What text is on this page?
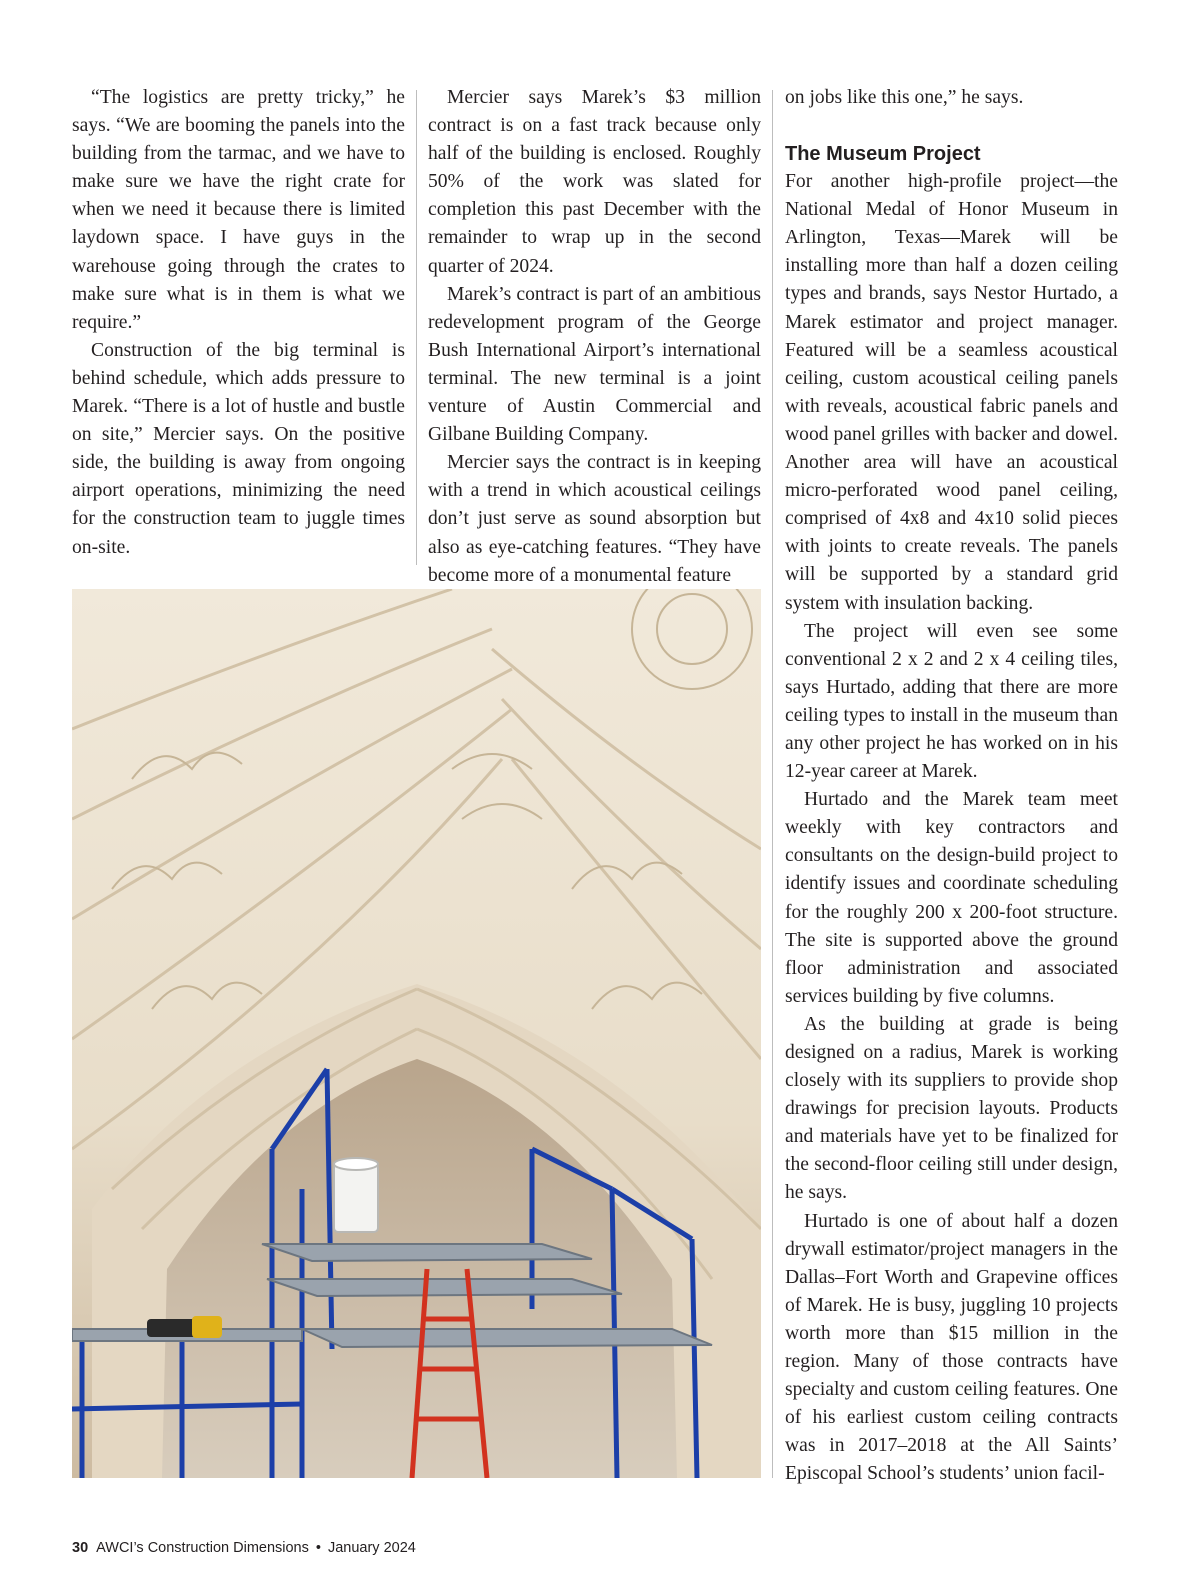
“The logistics are pretty tricky,” he says. “We are booming the panels into the building from the tarmac, and we have to make sure we have the right crate for when we need it because there is limited laydown space. I have guys in the warehouse going through the crates to make sure what is in them is what we require.”

Construction of the big terminal is behind schedule, which adds pressure to Marek. “There is a lot of hustle and bustle on site,” Mercier says. On the positive side, the building is away from ongoing airport operations, minimizing the need for the construction team to juggle times on-site.

Mercier says Marek’s $3 million contract is on a fast track because only half of the building is enclosed. Roughly 50% of the work was slated for completion this past December with the remainder to wrap up in the second quarter of 2024.

Marek’s contract is part of an ambitious redevelopment program of the George Bush International Airport’s international terminal. The new terminal is a joint venture of Austin Commercial and Gilbane Building Company.

Mercier says the contract is in keeping with a trend in which acoustical ceilings don’t just serve as sound absorption but also as eye-catching features. “They have become more of a monumental feature

on jobs like this one,” he says.

The Museum Project

For another high-profile project—the National Medal of Honor Museum in Arlington, Texas—Marek will be installing more than half a dozen ceiling types and brands, says Nestor Hurtado, a Marek estimator and project manager. Featured will be a seamless acoustical ceiling, custom acoustical ceiling panels with reveals, acoustical fabric panels and wood panel grilles with backer and dowel. Another area will have an acoustical micro-perforated wood panel ceiling, comprised of 4x8 and 4x10 solid pieces with joints to create reveals. The panels will be supported by a standard grid system with insulation backing.

The project will even see some conventional 2 x 2 and 2 x 4 ceiling tiles, says Hurtado, adding that there are more ceiling types to install in the museum than any other project he has worked on in his 12-year career at Marek.

Hurtado and the Marek team meet weekly with key contractors and consultants on the design-build project to identify issues and coordinate scheduling for the roughly 200 x 200-foot structure. The site is supported above the ground floor administration and associated services building by five columns.

As the building at grade is being designed on a radius, Marek is working closely with its suppliers to provide shop drawings for precision layouts. Products and materials have yet to be finalized for the second-floor ceiling still under design, he says.

Hurtado is one of about half a dozen drywall estimator/project managers in the Dallas–Fort Worth and Grapevine offices of Marek. He is busy, juggling 10 projects worth more than $15 million in the region. Many of those contracts have specialty and custom ceiling features. One of his earliest custom ceiling contracts was in 2017–2018 at the All Saints’ Episcopal School’s students’ union facil-

30 AWCI’s Construction Dimensions • January 2024
